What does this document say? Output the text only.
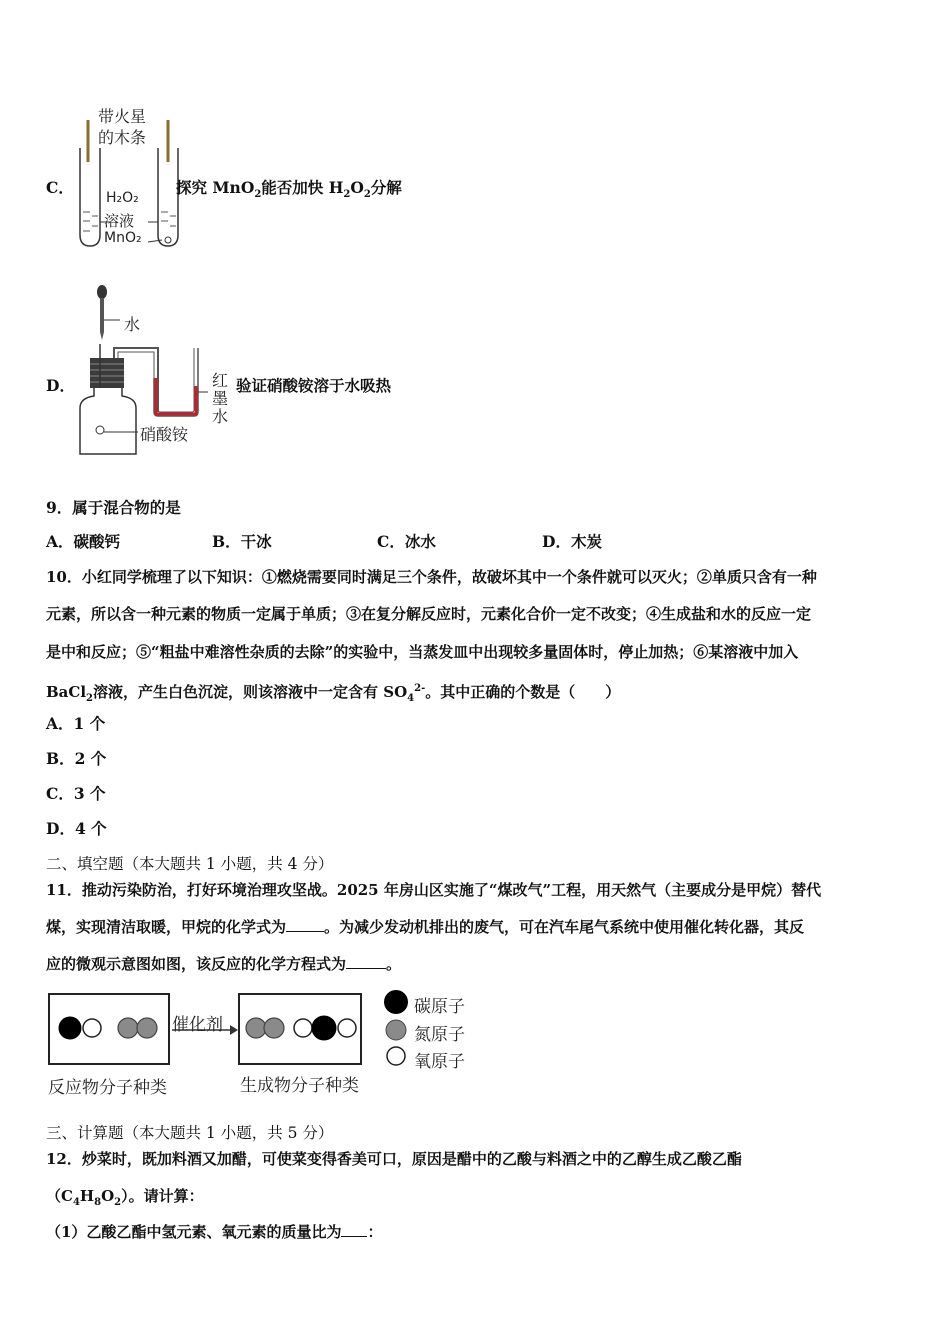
C．
带火星
的木条
H₂O₂
溶液
MnO₂
探究 MnO$_2$能否加快 $H_2O_2$分解
D．
水
红
墨
水
硝酸铵
验证硝酸铵溶于水吸热
9．属于混合物的是
A．碳酸钙	B．干冰	C．冰水	D．木炭
10．小红同学梳理了以下知识：①燃烧需要同时满足三个条件，故破坏其中一个条件就可以灭火；②单质只含有一种
元素，所以含一种元素的物质一定属于单质；③在复分解反应时，元素化合价一定不改变；④生成盐和水的反应一定
是中和反应；⑤“粗盐中难溶性杂质的去除”的实验中，当蒸发皿中出现较多量固体时，停止加热；⑥某溶液中加入
BaCl$_2$溶液，产生白色沉淀，则该溶液中一定含有 $SO_4^{2-}$。其中正确的个数是（　　）
A．1 个
B．2 个
C．3 个
D．4 个
二、填空题（本大题共 1 小题，共 4 分）
11．推动污染防治，打好环境治理攻坚战。2025 年房山区实施了“煤改气”工程，用天然气（主要成分是甲烷）替代
煤，实现清洁取暖，甲烷的化学式为	。为减少发动机排出的废气，可在汽车尾气系统中使用催化转化器，其反
应的微观示意图如图，该反应的化学方程式为	。
催化剂
碳原子
氮原子
氧原子
反应物分子种类	生成物分子种类
三、计算题（本大题共 1 小题，共 5 分）
12．炒菜时，既加料酒又加醋，可使菜变得香美可口，原因是醋中的乙酸与料酒之中的乙醇生成乙酸乙酯
$(C_4H_8O_2)$。请计算：
（1）乙酸乙酯中氢元素、氧元素的质量比为 ：
